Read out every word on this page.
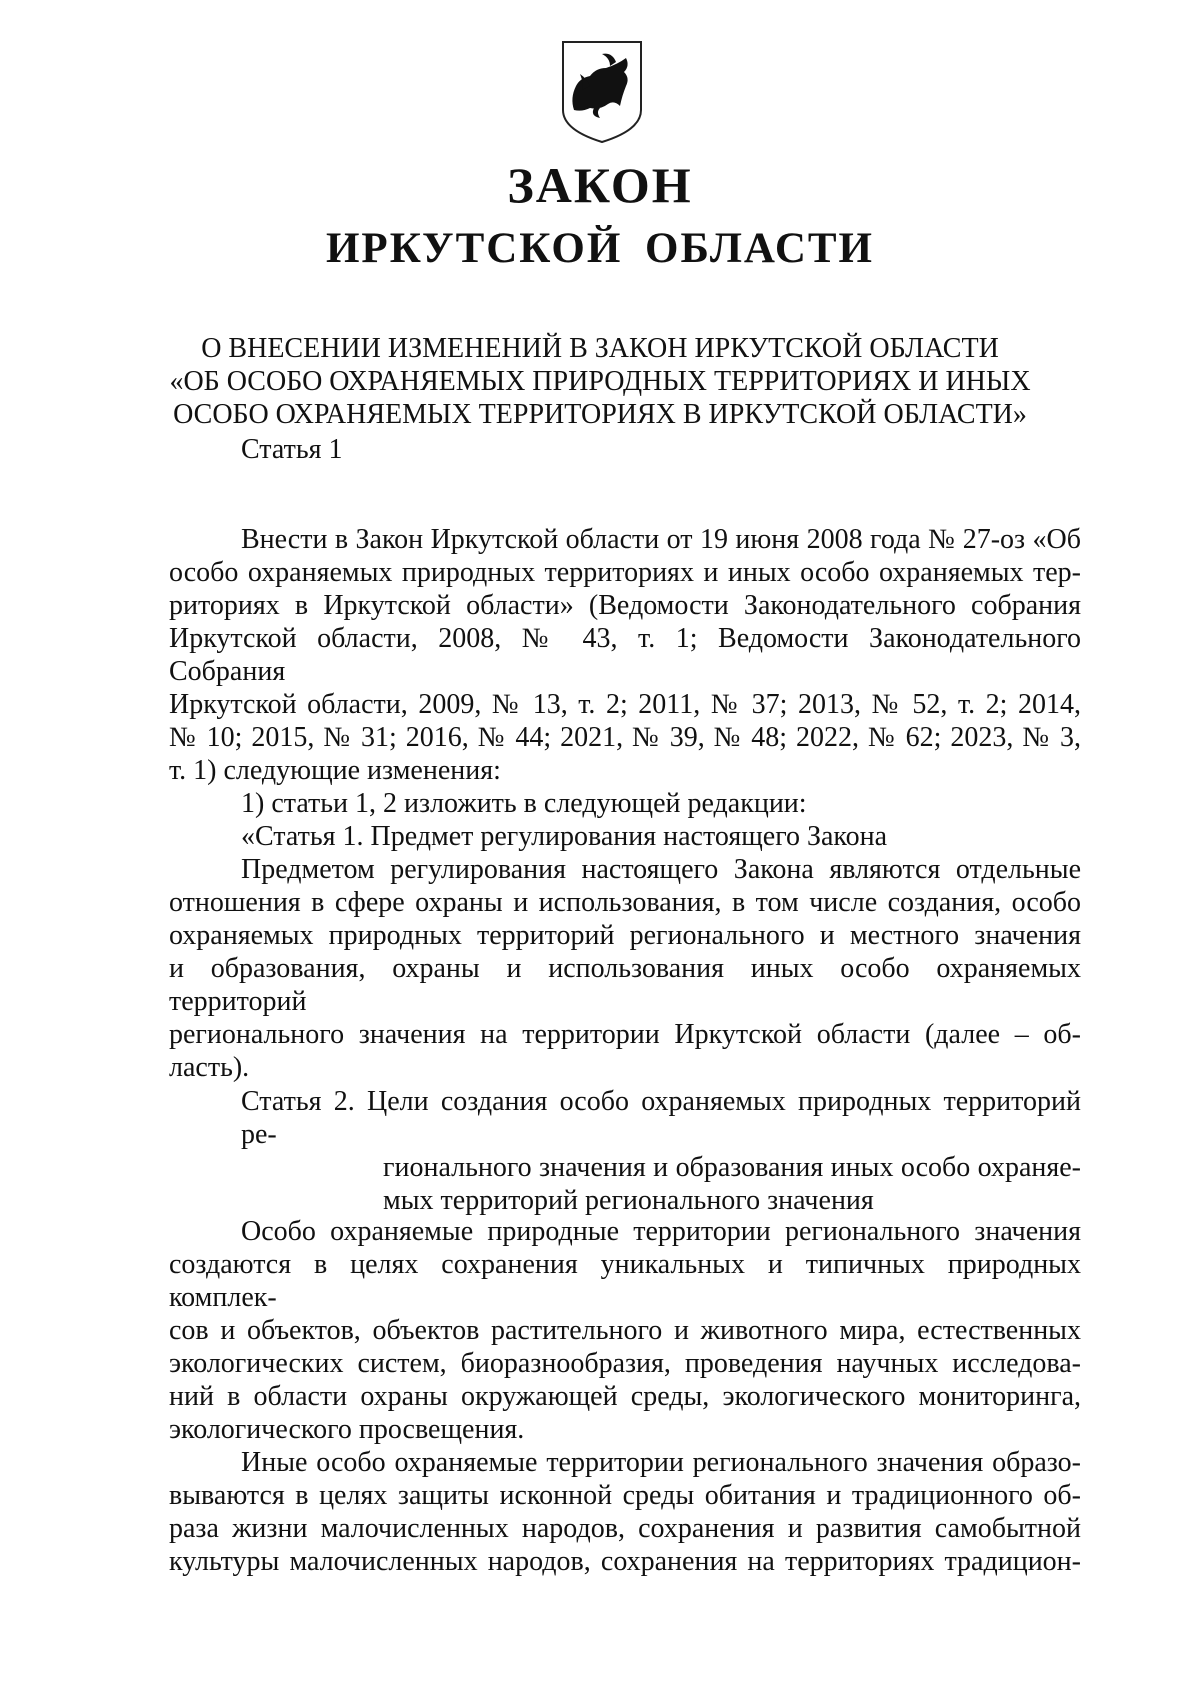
ЗАКОН
ИРКУТСКОЙ ОБЛАСТИ
О ВНЕСЕНИИ ИЗМЕНЕНИЙ В ЗАКОН ИРКУТСКОЙ ОБЛАСТИ
«ОБ ОСОБО ОХРАНЯЕМЫХ ПРИРОДНЫХ ТЕРРИТОРИЯХ И ИНЫХ
ОСОБО ОХРАНЯЕМЫХ ТЕРРИТОРИЯХ В ИРКУТСКОЙ ОБЛАСТИ»
Статья 1
Внести в Закон Иркутской области от 19 июня 2008 года № 27-оз «Об
особо охраняемых природных территориях и иных особо охраняемых тер-
риториях в Иркутской области» (Ведомости Законодательного собрания
Иркутской области, 2008, № 43, т. 1; Ведомости Законодательного Собрания
Иркутской области, 2009, № 13, т. 2; 2011, № 37; 2013, № 52, т. 2; 2014,
№ 10; 2015, № 31; 2016, № 44; 2021, № 39, № 48; 2022, № 62; 2023, № 3,
т. 1) следующие изменения:
1) статьи 1, 2 изложить в следующей редакции:
«Статья 1. Предмет регулирования настоящего Закона
Предметом регулирования настоящего Закона являются отдельные
отношения в сфере охраны и использования, в том числе создания, особо
охраняемых природных территорий регионального и местного значения
и образования, охраны и использования иных особо охраняемых территорий
регионального значения на территории Иркутской области (далее – об-
ласть).
Статья 2. Цели создания особо охраняемых природных территорий ре-
гионального значения и образования иных особо охраняе-
мых территорий регионального значения
Особо охраняемые природные территории регионального значения
создаются в целях сохранения уникальных и типичных природных комплек-
сов и объектов, объектов растительного и животного мира, естественных
экологических систем, биоразнообразия, проведения научных исследова-
ний в области охраны окружающей среды, экологического мониторинга,
экологического просвещения.
Иные особо охраняемые территории регионального значения образо-
вываются в целях защиты исконной среды обитания и традиционного об-
раза жизни малочисленных народов, сохранения и развития самобытной
культуры малочисленных народов, сохранения на территориях традицион-
